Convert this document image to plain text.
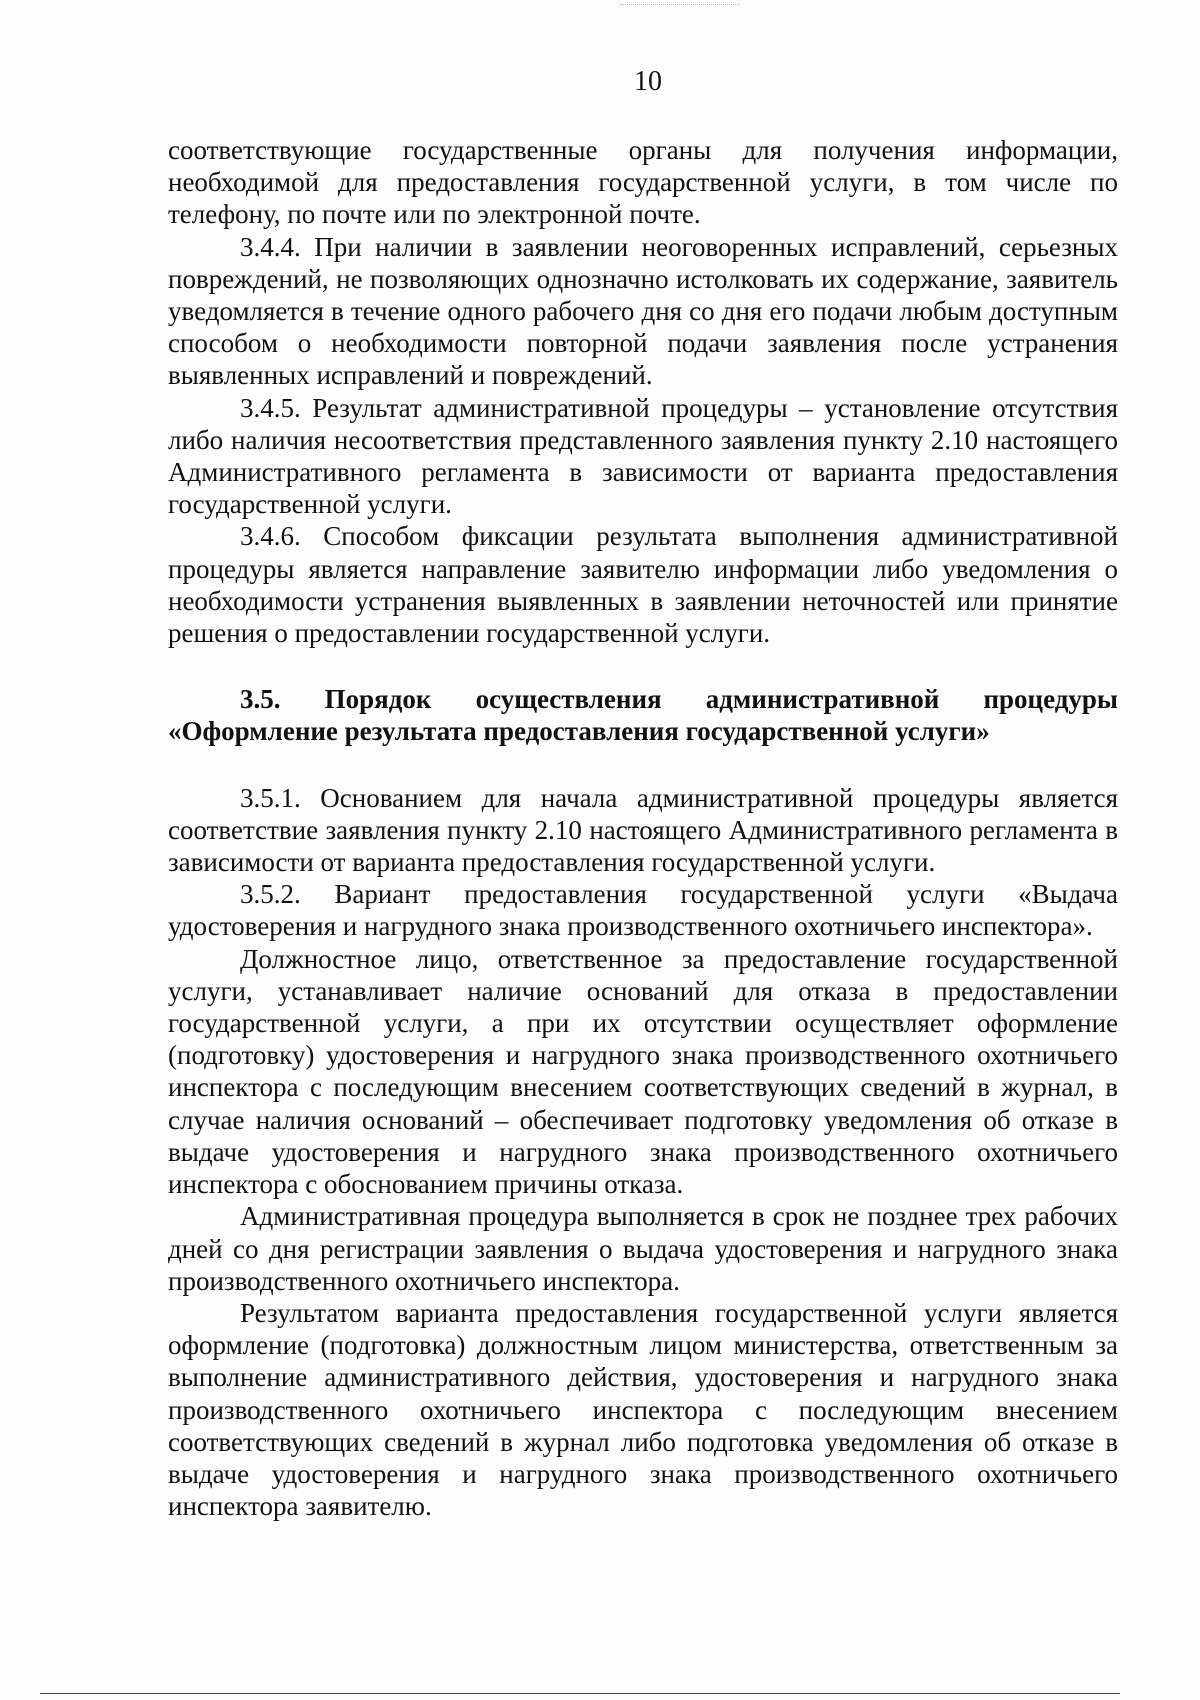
10

соответствующие государственные органы для получения информации, необходимой для предоставления государственной услуги, в том числе по телефону, по почте или по электронной почте.

3.4.4. При наличии в заявлении неоговоренных исправлений, серьезных повреждений, не позволяющих однозначно истолковать их содержание, заявитель уведомляется в течение одного рабочего дня со дня его подачи любым доступным способом о необходимости повторной подачи заявления после устранения выявленных исправлений и повреждений.

3.4.5. Результат административной процедуры – установление отсутствия либо наличия несоответствия представленного заявления пункту 2.10 настоящего Административного регламента в зависимости от варианта предоставления государственной услуги.

3.4.6. Способом фиксации результата выполнения административной процедуры является направление заявителю информации либо уведомления о необходимости устранения выявленных в заявлении неточностей или принятие решения о предоставлении государственной услуги.

3.5. Порядок осуществления административной процедуры «Оформление результата предоставления государственной услуги»

3.5.1. Основанием для начала административной процедуры является соответствие заявления пункту 2.10 настоящего Административного регламента в зависимости от варианта предоставления государственной услуги.

3.5.2. Вариант предоставления государственной услуги «Выдача удостоверения и нагрудного знака производственного охотничьего инспектора».

Должностное лицо, ответственное за предоставление государственной услуги, устанавливает наличие оснований для отказа в предоставлении государственной услуги, а при их отсутствии осуществляет оформление (подготовку) удостоверения и нагрудного знака производственного охотничьего инспектора с последующим внесением соответствующих сведений в журнал, в случае наличия оснований – обеспечивает подготовку уведомления об отказе в выдаче удостоверения и нагрудного знака производственного охотничьего инспектора с обоснованием причины отказа.

Административная процедура выполняется в срок не позднее трех рабочих дней со дня регистрации заявления о выдача удостоверения и нагрудного знака производственного охотничьего инспектора.

Результатом варианта предоставления государственной услуги является оформление (подготовка) должностным лицом министерства, ответственным за выполнение административного действия, удостоверения и нагрудного знака производственного охотничьего инспектора с последующим внесением соответствующих сведений в журнал либо подготовка уведомления об отказе в выдаче удостоверения и нагрудного знака производственного охотничьего инспектора заявителю.
